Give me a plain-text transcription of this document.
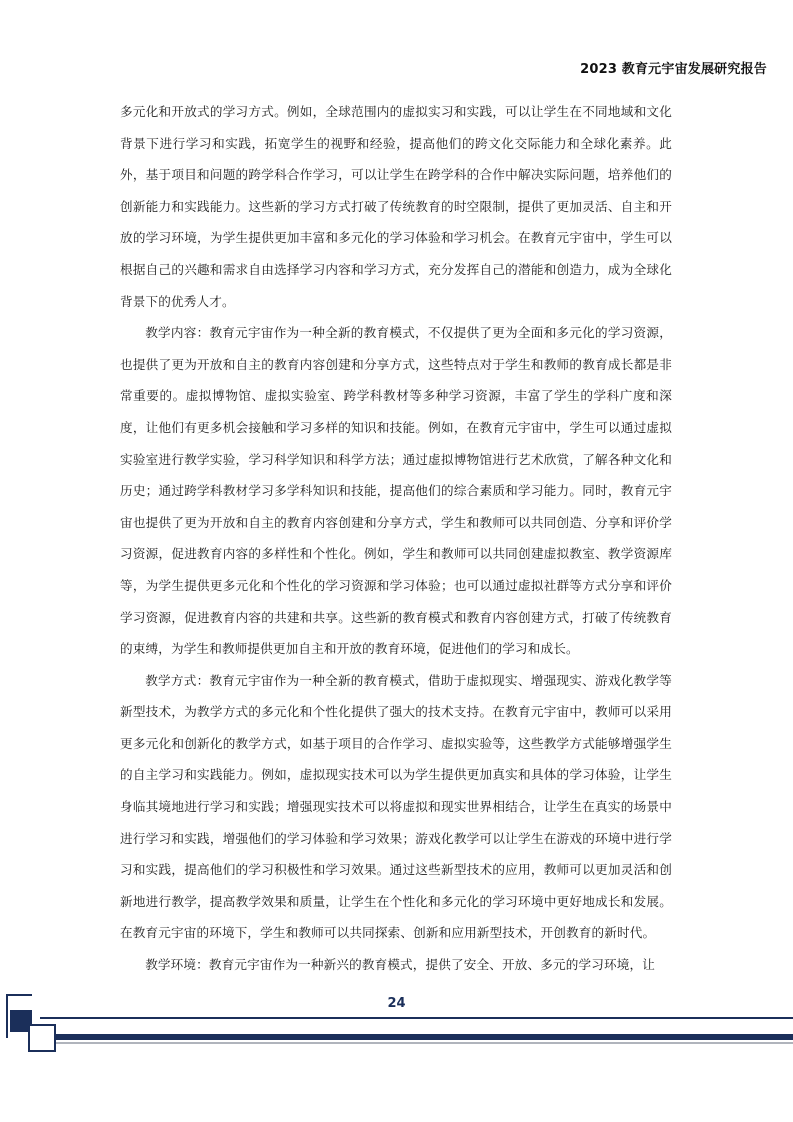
2023 教育元宇宙发展研究报告

多元化和开放式的学习方式。例如，全球范围内的虚拟实习和实践，可以让学生在不同地域和文化背景下进行学习和实践，拓宽学生的视野和经验，提高他们的跨文化交际能力和全球化素养。此外，基于项目和问题的跨学科合作学习，可以让学生在跨学科的合作中解决实际问题，培养他们的创新能力和实践能力。这些新的学习方式打破了传统教育的时空限制，提供了更加灵活、自主和开放的学习环境，为学生提供更加丰富和多元化的学习体验和学习机会。在教育元宇宙中，学生可以根据自己的兴趣和需求自由选择学习内容和学习方式，充分发挥自己的潜能和创造力，成为全球化背景下的优秀人才。

教学内容：教育元宇宙作为一种全新的教育模式，不仅提供了更为全面和多元化的学习资源，也提供了更为开放和自主的教育内容创建和分享方式，这些特点对于学生和教师的教育成长都是非常重要的。虚拟博物馆、虚拟实验室、跨学科教材等多种学习资源，丰富了学生的学科广度和深度，让他们有更多机会接触和学习多样的知识和技能。例如，在教育元宇宙中，学生可以通过虚拟实验室进行教学实验，学习科学知识和科学方法；通过虚拟博物馆进行艺术欣赏，了解各种文化和历史；通过跨学科教材学习多学科知识和技能，提高他们的综合素质和学习能力。同时，教育元宇宙也提供了更为开放和自主的教育内容创建和分享方式，学生和教师可以共同创造、分享和评价学习资源，促进教育内容的多样性和个性化。例如，学生和教师可以共同创建虚拟教室、教学资源库等，为学生提供更多元化和个性化的学习资源和学习体验；也可以通过虚拟社群等方式分享和评价学习资源，促进教育内容的共建和共享。这些新的教育模式和教育内容创建方式，打破了传统教育的束缚，为学生和教师提供更加自主和开放的教育环境，促进他们的学习和成长。

教学方式：教育元宇宙作为一种全新的教育模式，借助于虚拟现实、增强现实、游戏化教学等新型技术，为教学方式的多元化和个性化提供了强大的技术支持。在教育元宇宙中，教师可以采用更多元化和创新化的教学方式，如基于项目的合作学习、虚拟实验等，这些教学方式能够增强学生的自主学习和实践能力。例如，虚拟现实技术可以为学生提供更加真实和具体的学习体验，让学生身临其境地进行学习和实践；增强现实技术可以将虚拟和现实世界相结合，让学生在真实的场景中进行学习和实践，增强他们的学习体验和学习效果；游戏化教学可以让学生在游戏的环境中进行学习和实践，提高他们的学习积极性和学习效果。通过这些新型技术的应用，教师可以更加灵活和创新地进行教学，提高教学效果和质量，让学生在个性化和多元化的学习环境中更好地成长和发展。在教育元宇宙的环境下，学生和教师可以共同探索、创新和应用新型技术，开创教育的新时代。

教学环境：教育元宇宙作为一种新兴的教育模式，提供了安全、开放、多元的学习环境，让

24
